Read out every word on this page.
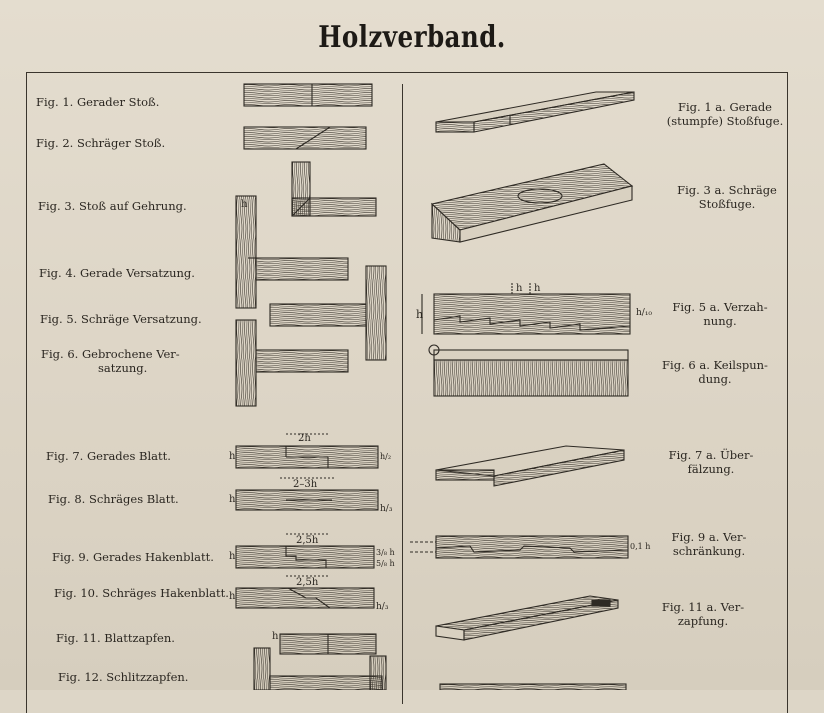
Holzverband.
Fig. 1. Gerader Stoß.
Fig. 2. Schräger Stoß.
Fig. 3. Stoß auf Gehrung.
Fig. 4. Gerade Versatzung.
Fig. 5. Schräge Versatzung.
Fig. 6. Gebrochene Ver-
satzung.
Fig. 7. Gerades Blatt.
Fig. 8. Schräges Blatt.
Fig. 9. Gerades Hakenblatt.
Fig. 10. Schräges Hakenblatt.
Fig. 11. Blattzapfen.
Fig. 12. Schlitzzapfen.
Fig. 1 a. Gerade
(stumpfe) Stoßfuge.
Fig. 3 a. Schräge
Stoßfuge.
Fig. 5 a. Verzah-
nung.
Fig. 6 a. Keilspun-
dung.
Fig. 7 a. Über-
fälzung.
Fig. 9 a. Ver-
schränkung.
Fig. 11 a. Ver-
zapfung.
h
h
h h
h/₁₀
2h
h	h/₂
2–3h
h
h/₃
2,5h
h	3/₈ h
5/₈ h
0,1 h
2,5h
h
h/₃
h
